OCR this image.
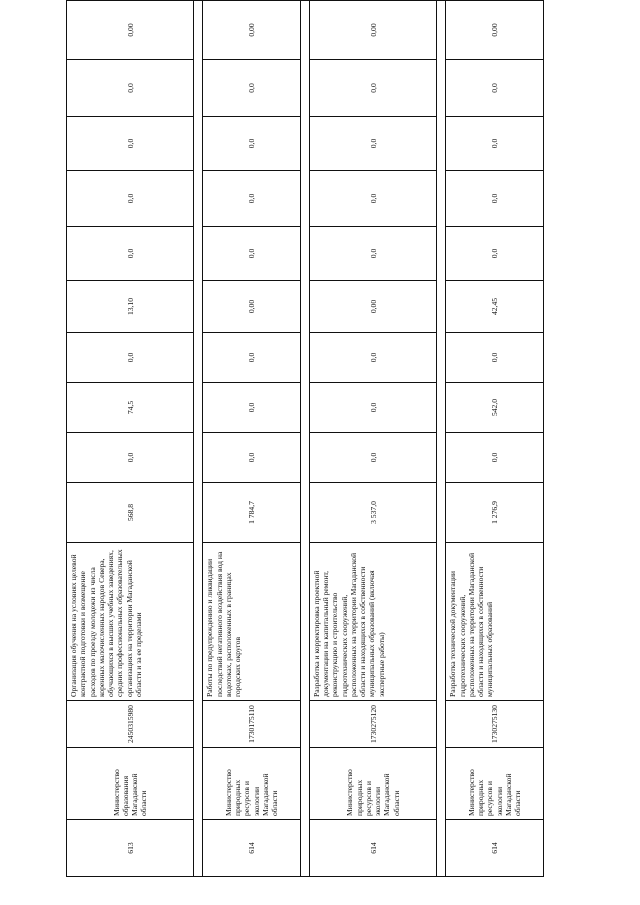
613	Министерство образования Магаданской области	2450315980	Организация обучения на условиях целевой контрактной подготовки и возмещение расходов по проезду молодежи из числа коренных малочисленных народов Севера, обучающихся в высших учебных заведениях, средних профессиональных образовательных организациях на территории Магаданской области и за ее пределами	568,8	0,0	74,5	0,0	13,10	0,0	0,0	0,0	0,0	0,00

614	Министерство природных ресурсов и экологии Магаданской области	1730175110	Работы по предупреждению и ликвидации последствий негативного воздействия вод на водотоках, расположенных в границах городских округов	1 784,7	0,0	0,0	0,0	0,00	0,0	0,0	0,0	0,0	0,00

614	Министерство природных ресурсов и экологии Магаданской области	1730275120	Разработка и корректировка проектной документации на капитальный ремонт, реконструкцию и строительство гидротехнических сооружений, расположенных на территории Магаданской области и находящихся в собственности муниципальных образований (включая экспертные работы)	3 537,0	0,0	0,0	0,0	0,00	0,0	0,0	0,0	0,0	0,00

614	Министерство природных ресурсов и экологии Магаданской области	1730275130	Разработка технической документации гидротехнических сооружений, расположенных на территории Магаданской области и находящихся в собственности муниципальных образований	1 276,9	0,0	542,0	0,0	42,45	0,0	0,0	0,0	0,0	0,00
